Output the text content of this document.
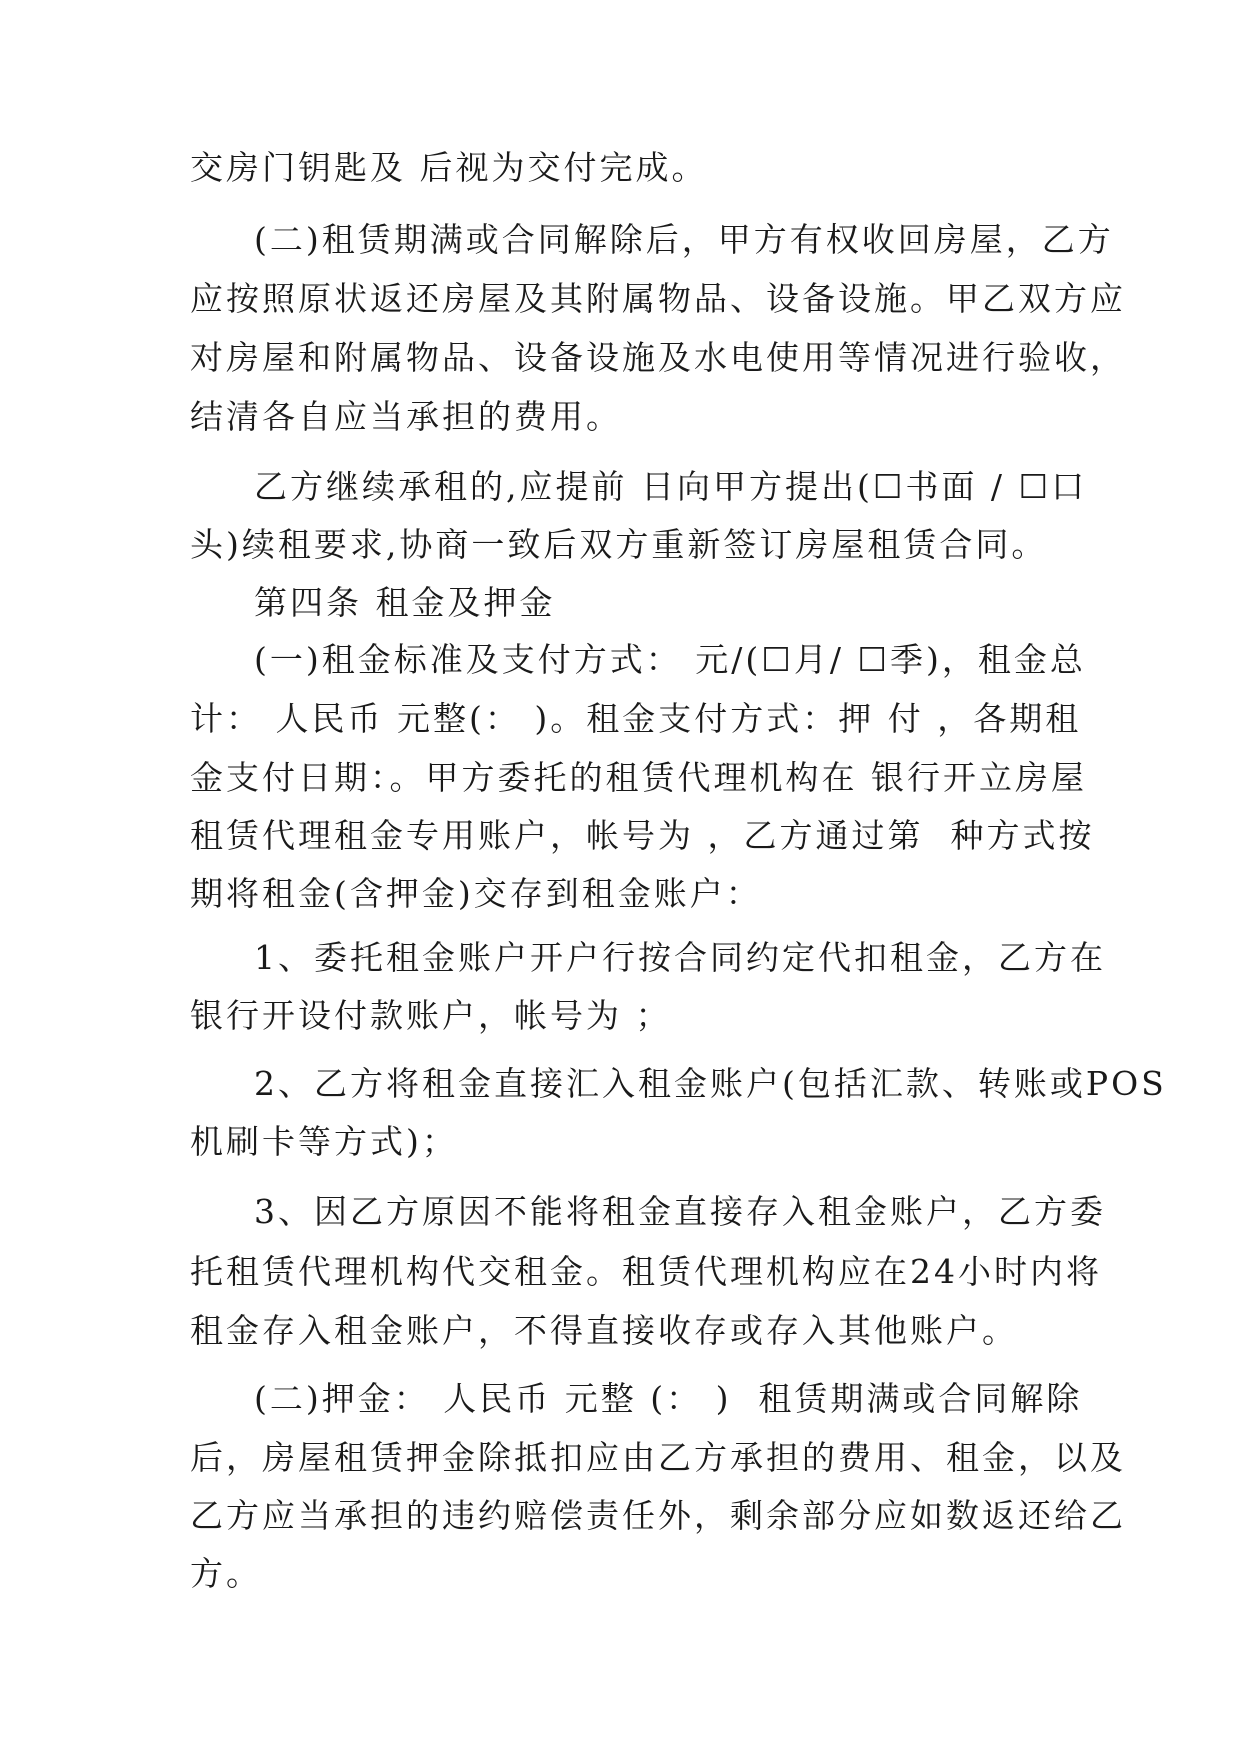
交房门钥匙及 后视为交付完成。
(二)租赁期满或合同解除后，甲方有权收回房屋，乙方
应按照原状返还房屋及其附属物品、设备设施。甲乙双方应
对房屋和附属物品、设备设施及水电使用等情况进行验收，
结清各自应当承担的费用。
乙方继续承租的,应提前 日向甲方提出(☐书面 / ☐口
头)续租要求,协商一致后双方重新签订房屋租赁合同。
第四条 租金及押金
(一)租金标准及支付方式： 元/(☐月/ ☐季)，租金总
计： 人民币 元整(： )。租金支付方式：押 付 ，各期租
金支付日期：。甲方委托的租赁代理机构在 银行开立房屋
租赁代理租金专用账户，帐号为 ，乙方通过第  种方式按
期将租金(含押金)交存到租金账户：
1、委托租金账户开户行按合同约定代扣租金，乙方在
银行开设付款账户，帐号为 ；
2、乙方将租金直接汇入租金账户(包括汇款、转账或POS
机刷卡等方式)；
3、因乙方原因不能将租金直接存入租金账户，乙方委
托租赁代理机构代交租金。租赁代理机构应在24小时内将
租金存入租金账户，不得直接收存或存入其他账户。
(二)押金： 人民币 元整 (： )  租赁期满或合同解除
后，房屋租赁押金除抵扣应由乙方承担的费用、租金，以及
乙方应当承担的违约赔偿责任外，剩余部分应如数返还给乙
方。
